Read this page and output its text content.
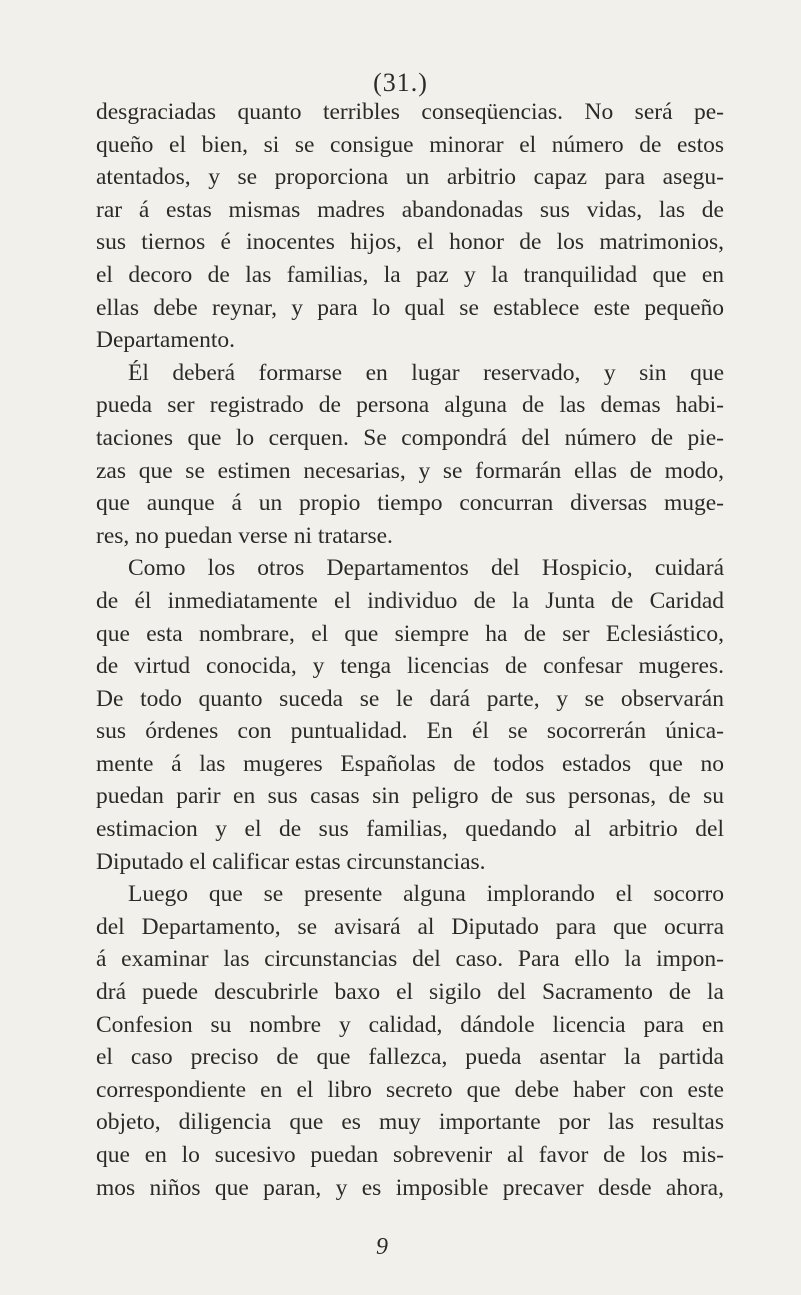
(31.)
desgraciadas quanto terribles conseqüencias. No será pe-
queño el bien, si se consigue minorar el número de estos
atentados, y se proporciona un arbitrio capaz para asegu-
rar á estas mismas madres abandonadas sus vidas, las de
sus tiernos é inocentes hijos, el honor de los matrimonios,
el decoro de las familias, la paz y la tranquilidad que en
ellas debe reynar, y para lo qual se establece este pequeño
Departamento.
Él deberá formarse en lugar reservado, y sin que
pueda ser registrado de persona alguna de las demas habi-
taciones que lo cerquen. Se compondrá del número de pie-
zas que se estimen necesarias, y se formarán ellas de modo,
que aunque á un propio tiempo concurran diversas muge-
res, no puedan verse ni tratarse.
Como los otros Departamentos del Hospicio, cuidará
de él inmediatamente el individuo de la Junta de Caridad
que esta nombrare, el que siempre ha de ser Eclesiástico,
de virtud conocida, y tenga licencias de confesar mugeres.
De todo quanto suceda se le dará parte, y se observarán
sus órdenes con puntualidad. En él se socorrerán única-
mente á las mugeres Españolas de todos estados que no
puedan parir en sus casas sin peligro de sus personas, de su
estimacion y el de sus familias, quedando al arbitrio del
Diputado el calificar estas circunstancias.
Luego que se presente alguna implorando el socorro
del Departamento, se avisará al Diputado para que ocurra
á examinar las circunstancias del caso. Para ello la impon-
drá puede descubrirle baxo el sigilo del Sacramento de la
Confesion su nombre y calidad, dándole licencia para en
el caso preciso de que fallezca, pueda asentar la partida
correspondiente en el libro secreto que debe haber con este
objeto, diligencia que es muy importante por las resultas
que en lo sucesivo puedan sobrevenir al favor de los mis-
mos niños que paran, y es imposible precaver desde ahora,
9
